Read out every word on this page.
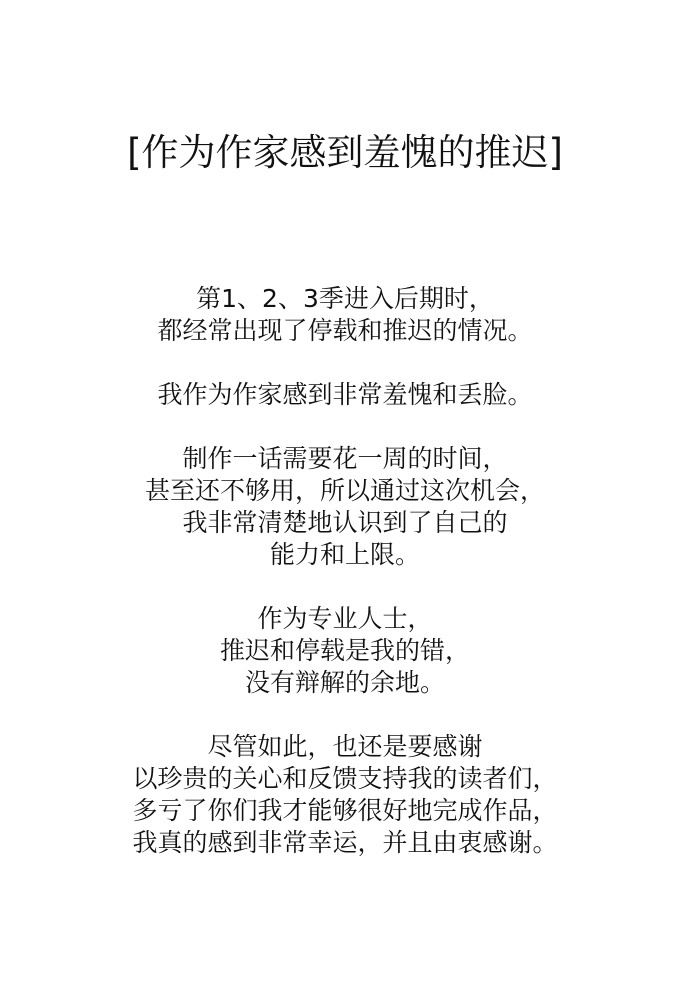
[作为作家感到羞愧的推迟]

第1、2、3季进入后期时，
都经常出现了停载和推迟的情况。

我作为作家感到非常羞愧和丢脸。

制作一话需要花一周的时间，
甚至还不够用，所以通过这次机会，
我非常清楚地认识到了自己的
能力和上限。

作为专业人士，
推迟和停载是我的错，
没有辩解的余地。

尽管如此，也还是要感谢
以珍贵的关心和反馈支持我的读者们，
多亏了你们我才能够很好地完成作品，
我真的感到非常幸运，并且由衷感谢。
